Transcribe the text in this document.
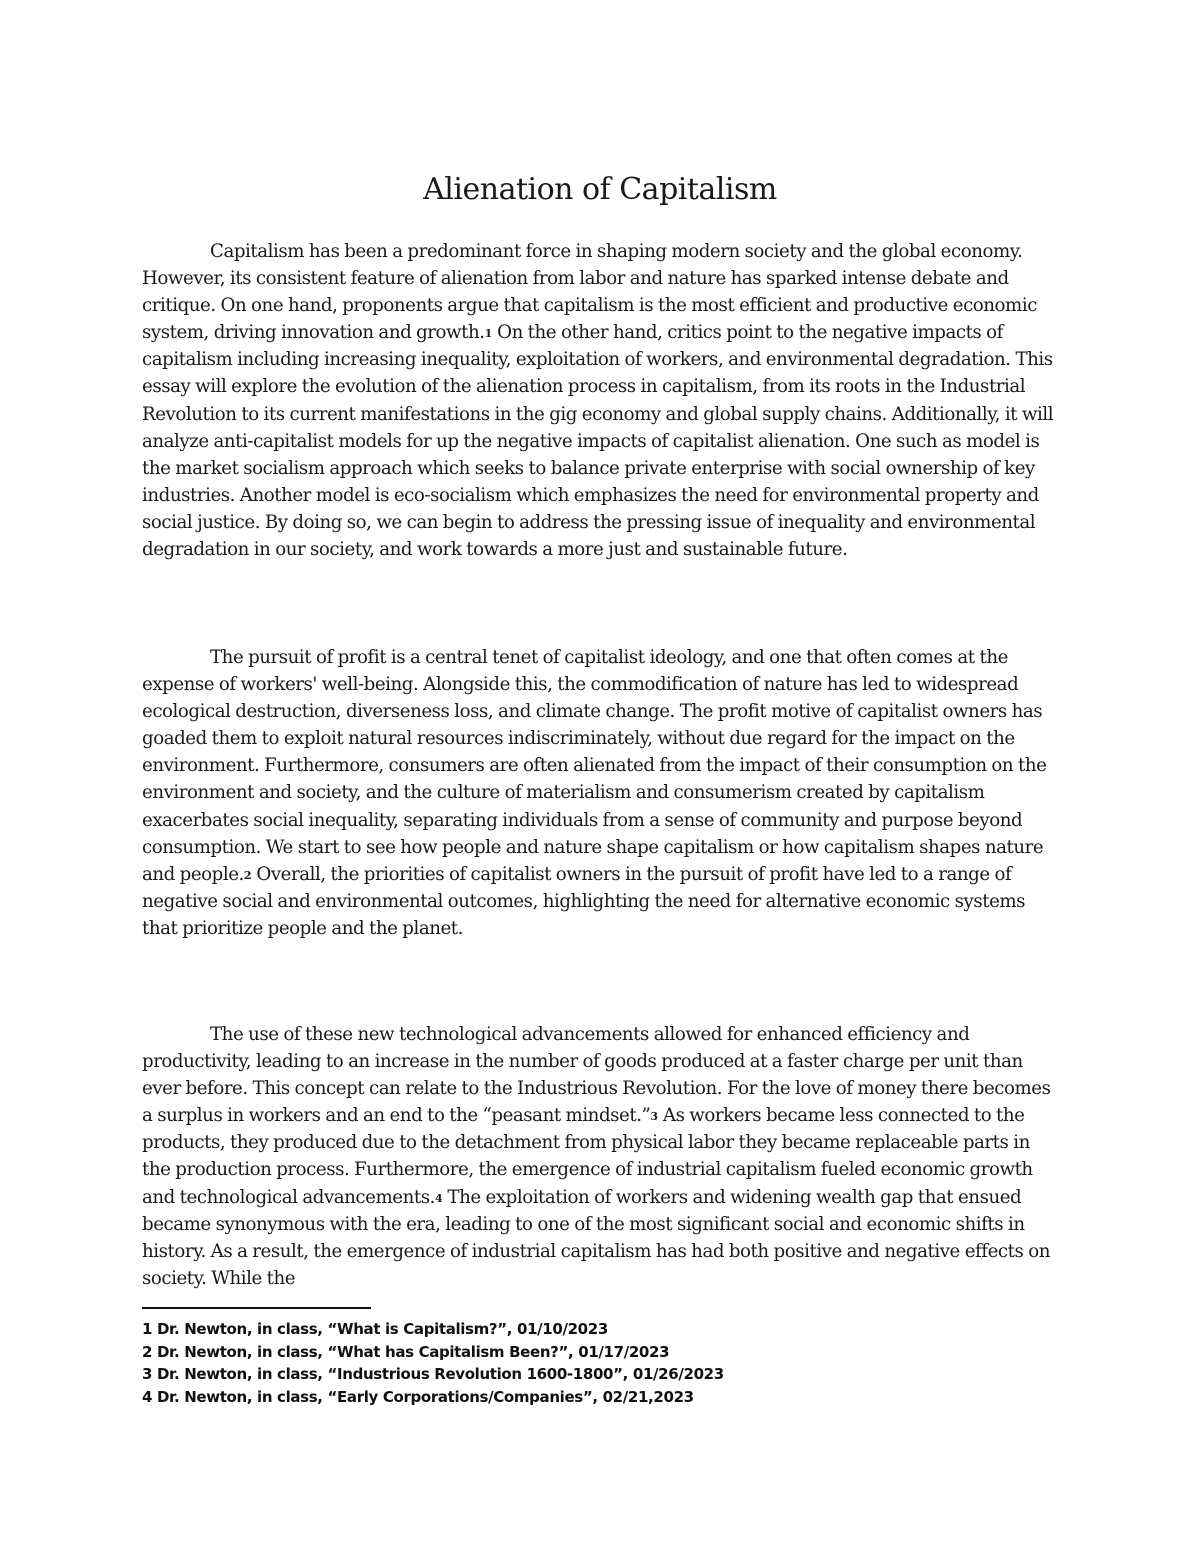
Alienation of Capitalism

Capitalism has been a predominant force in shaping modern society and the global economy. However, its consistent feature of alienation from labor and nature has sparked intense debate and critique. On one hand, proponents argue that capitalism is the most efficient and productive economic system, driving innovation and growth.$^1$ On the other hand, critics point to the negative impacts of capitalism including increasing inequality, exploitation of workers, and environmental degradation. This essay will explore the evolution of the alienation process in capitalism, from its roots in the Industrial Revolution to its current manifestations in the gig economy and global supply chains. Additionally, it will analyze anti-capitalist models for up the negative impacts of capitalist alienation. One such as model is the market socialism approach which seeks to balance private enterprise with social ownership of key industries. Another model is eco-socialism which emphasizes the need for environmental property and social justice. By doing so, we can begin to address the pressing issue of inequality and environmental degradation in our society, and work towards a more just and sustainable future.

The pursuit of profit is a central tenet of capitalist ideology, and one that often comes at the expense of workers' well-being. Alongside this, the commodification of nature has led to widespread ecological destruction, diverseness loss, and climate change. The profit motive of capitalist owners has goaded them to exploit natural resources indiscriminately, without due regard for the impact on the environment. Furthermore, consumers are often alienated from the impact of their consumption on the environment and society, and the culture of materialism and consumerism created by capitalism exacerbates social inequality, separating individuals from a sense of community and purpose beyond consumption. We start to see how people and nature shape capitalism or how capitalism shapes nature and people.$^2$ Overall, the priorities of capitalist owners in the pursuit of profit have led to a range of negative social and environmental outcomes, highlighting the need for alternative economic systems that prioritize people and the planet.

The use of these new technological advancements allowed for enhanced efficiency and productivity, leading to an increase in the number of goods produced at a faster charge per unit than ever before. This concept can relate to the Industrious Revolution. For the love of money there becomes a surplus in workers and an end to the “peasant mindset.”$^3$ As workers became less connected to the products, they produced due to the detachment from physical labor they became replaceable parts in the production process. Furthermore, the emergence of industrial capitalism fueled economic growth and technological advancements.$^4$ The exploitation of workers and widening wealth gap that ensued became synonymous with the era, leading to one of the most significant social and economic shifts in history. As a result, the emergence of industrial capitalism has had both positive and negative effects on society. While the

1 Dr. Newton, in class, “What is Capitalism?”, 01/10/2023
2 Dr. Newton, in class, “What has Capitalism Been?”, 01/17/2023
3 Dr. Newton, in class, “Industrious Revolution 1600-1800”, 01/26/2023
4 Dr. Newton, in class, “Early Corporations/Companies”, 02/21,2023
